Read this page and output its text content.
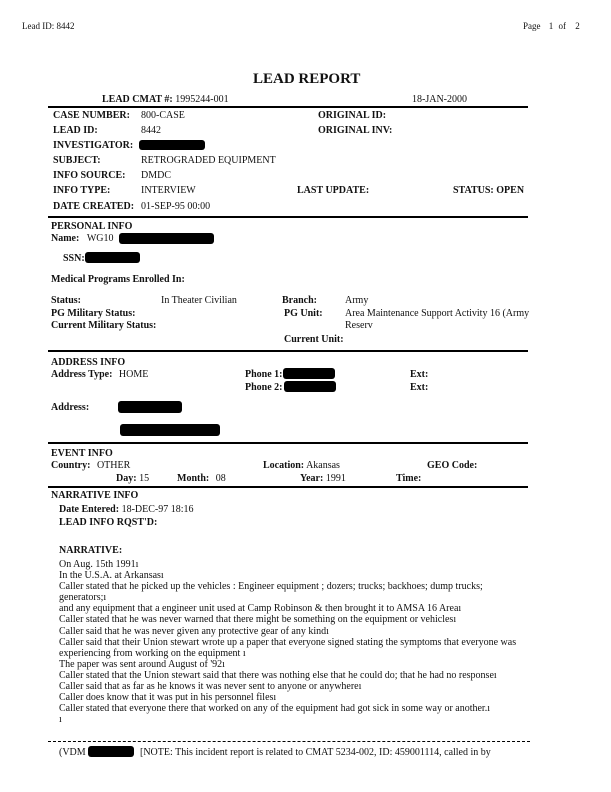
Lead ID: 8442	Page 1 of 2
LEAD REPORT
LEAD CMAT #: 1995244-001	18-JAN-2000
CASE NUMBER: 800-CASE	ORIGINAL ID:
LEAD ID:	8442	ORIGINAL INV:
INVESTIGATOR:
SUBJECT:	RETROGRADED EQUIPMENT
INFO SOURCE: DMDC
INFO TYPE:	INTERVIEW	LAST UPDATE:	STATUS: OPEN
DATE CREATED: 01-SEP-95 00:00
PERSONAL INFO
Name: WG10
SSN:
Medical Programs Enrolled In:
Status:	In Theater Civilian	Branch:	Army
PG Military Status:	PG Unit: Area Maintenance Support Activity 16 (Army
Reserv
Current Military Status:
Current Unit:
ADDRESS INFO
Address Type: HOME	Phone 1:	Ext:
Phone 2:	Ext:
Address:
EVENT INFO
Country: OTHER	Location: Akansas	GEO Code:
Day: 15	Month: 08	Year: 1991	Time:
NARRATIVE INFO
Date Entered: 18-DEC-97 18:16
LEAD INFO RQST'D:
NARRATIVE:
On Aug. 15th 1991ı
In the U.S.A. at Arkansası
Caller stated that he picked up the vehicles : Engineer equipment ; dozers; trucks; backhoes; dump trucks;
generators;ı
and any equipment that a engineer unit used at Camp Robinson & then brought it to AMSA 16 Areaı
Caller stated that he was never warned that there might be something on the equipment or vehiclesı
Caller said that he was never given any protective gear of any kindı
Caller said that their Union stewart wrote up a paper that everyone signed stating the symptoms that everyone was
experiencing from working on the equipment ı
The paper was sent around August of '92ı
Caller stated that the Union stewart said that there was nothing else that he could do; that he had no responseı
Caller said that as far as he knows it was never sent to anyone or anywhereı
Caller does know that it was put in his personnel filesı
Caller stated that everyone there that worked on any of the equipment had got sick in some way or another.ı
ı
(VDM	[NOTE: This incident report is related to CMAT 5234-002, ID: 459001114, called in by
